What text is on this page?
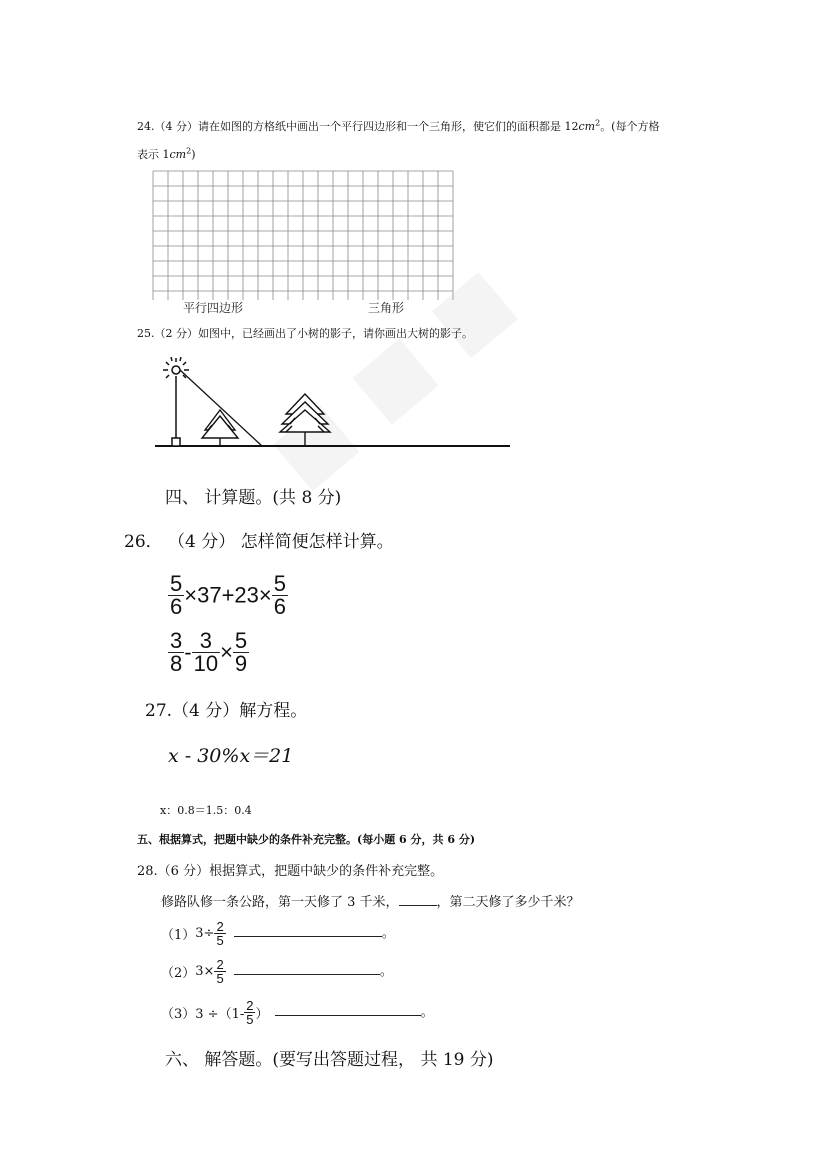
24.（4 分）请在如图的方格纸中画出一个平行四边形和一个三角形，使它们的面积都是 $12cm^2$。(每个方格
表示 $1cm^2$)
平行四边形	三角形
25.（2 分）如图中，已经画出了小树的影子，请你画出大树的影子。
四、 计算题。(共 8 分)
26． （4 分） 怎样简便怎样计算。
$\frac{5}{6} \times 37+23\times \frac{5}{6}$
$\frac{3}{8} - \frac{3}{10} \times \frac{5}{9}$
27.（4 分）解方程。
x - 30%x＝21
x：0.8＝1.5：0.4
五、根据算式，把题中缺少的条件补充完整。(每小题 6 分，共 6 分)
28.（6 分）根据算式，把题中缺少的条件补充完整。
修路队修一条公路，第一天修了 3 千米，	，第二天修了多少千米？
$(1)3\div \frac{2}{5}$	。
$(2)3\times \frac{2}{5}$	。
$(3)3 \div(1- \frac{2}{5}$ ）	。
六、 解答题。(要写出答题过程， 共 19 分)
